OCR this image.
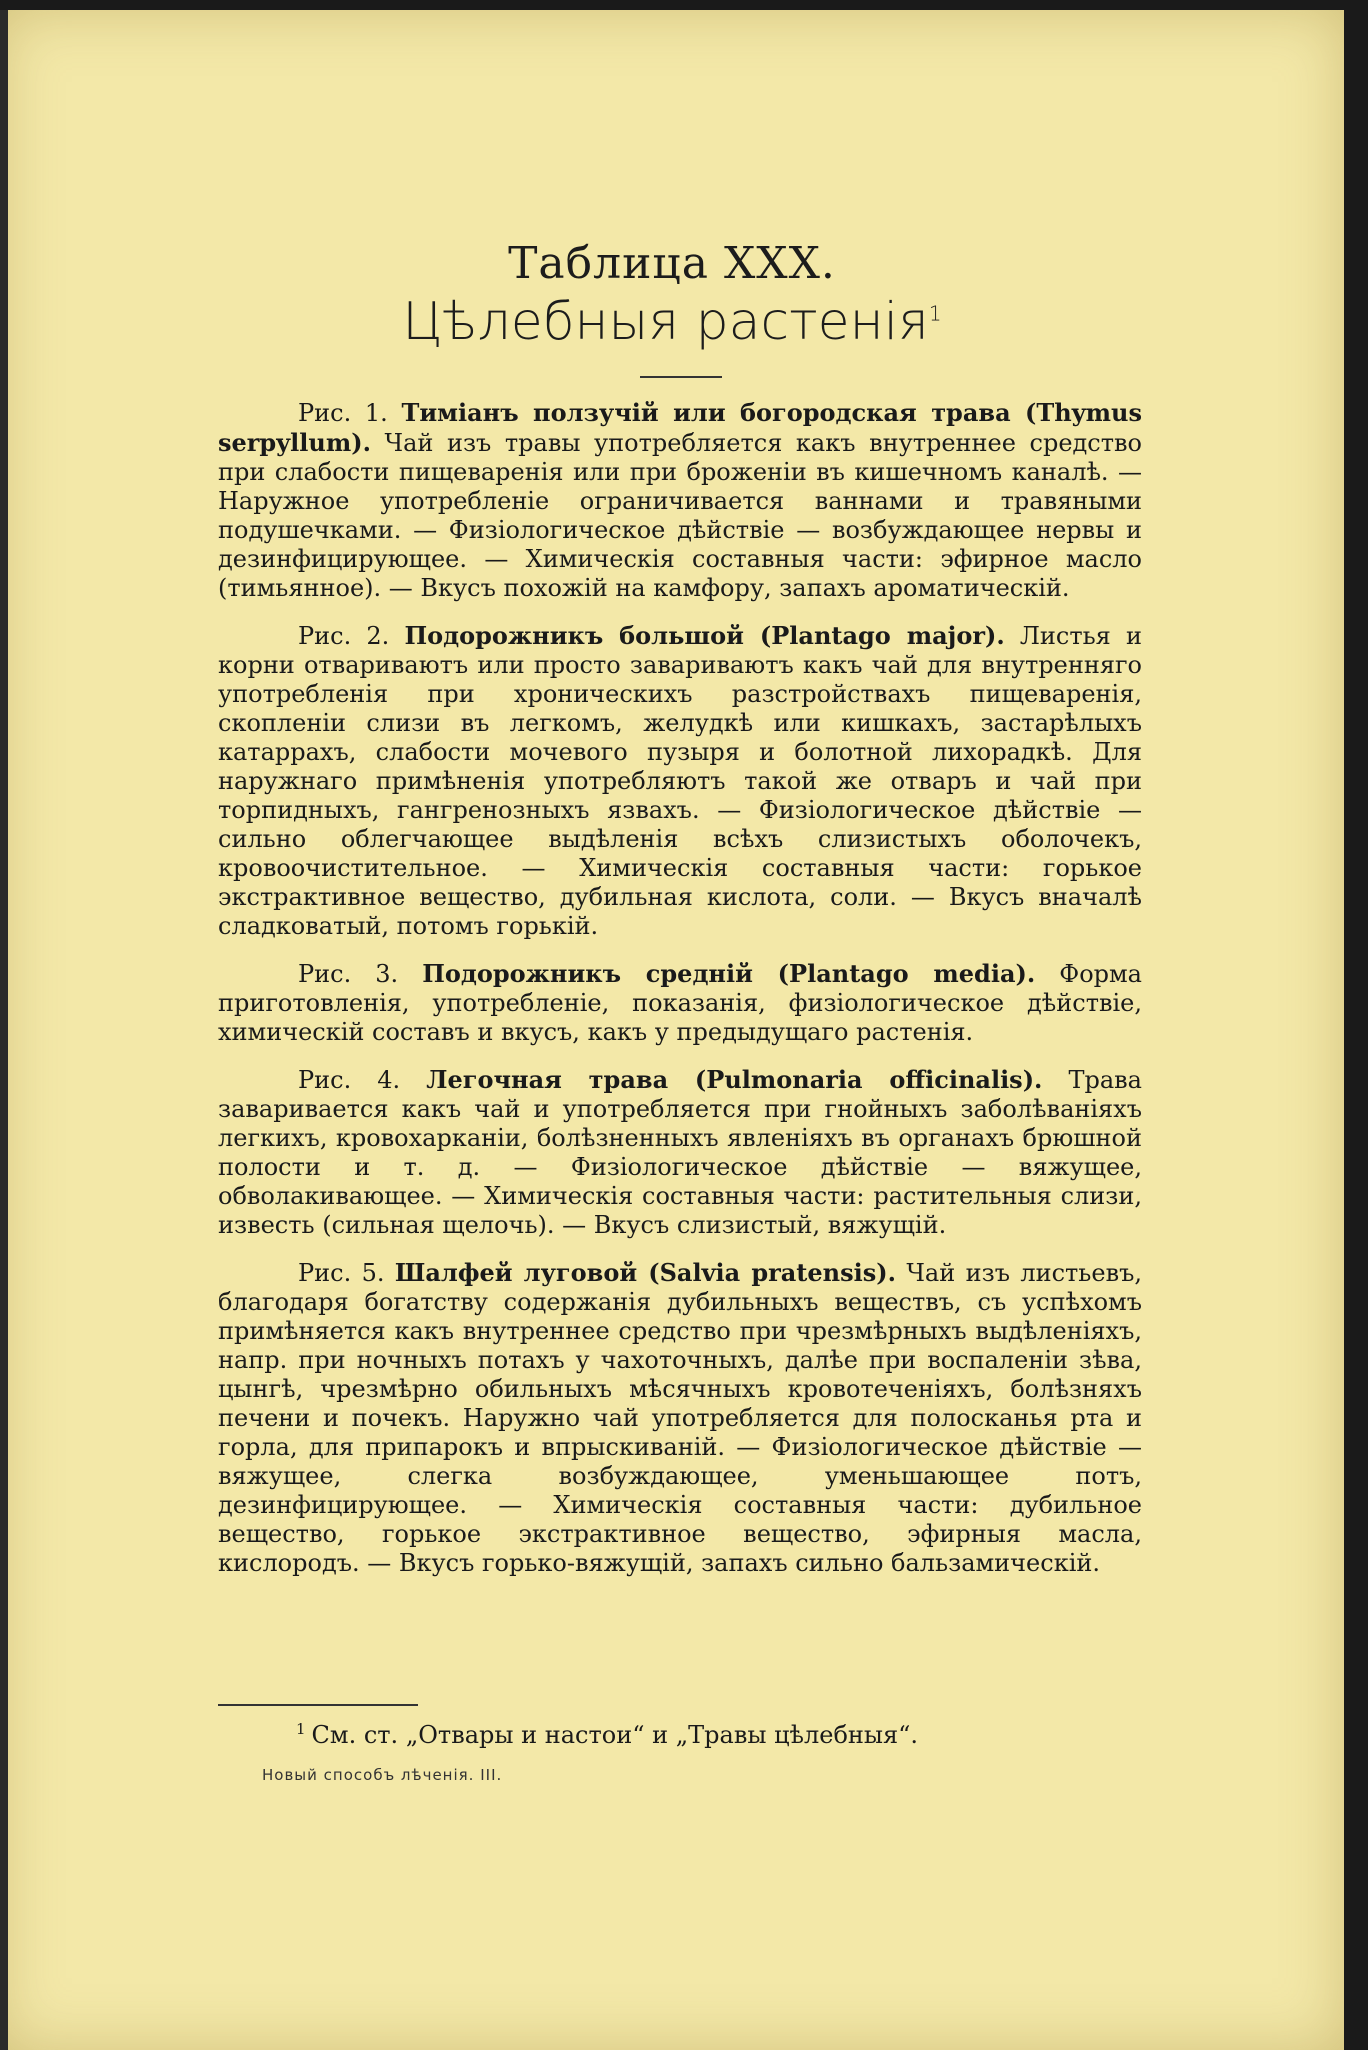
Таблица XXX.
Цѣлебныя растенія$^1$

Рис. 1. Тиміанъ ползучій или богородская трава (Thymus serpyllum). Чай изъ травы употребляется какъ внутреннее средство при слабости пищеваренія или при броженіи въ кишечномъ каналѣ. — Наружное употребленіе ограничивается ваннами и травяными подушечками. — Физіологическое дѣйствіе — возбуждающее нервы и дезинфицирующее. — Химическія составныя части: эфирное масло (тимьянное). — Вкусъ похожій на камфору, запахъ ароматическій.

Рис. 2. Подорожникъ большой (Plantago major). Листья и корни отвариваютъ или просто завариваютъ какъ чай для внутренняго употребленія при хроническихъ разстройствахъ пищеваренія, скопленіи слизи въ легкомъ, желудкѣ или кишкахъ, застарѣлыхъ катаррахъ, слабости мочевого пузыря и болотной лихорадкѣ. Для наружнаго примѣненія употребляютъ такой же отваръ и чай при торпидныхъ, гангренозныхъ язвахъ. — Физіологическое дѣйствіе — сильно облегчающее выдѣленія всѣхъ слизистыхъ оболочекъ, кровоочистительное. — Химическія составныя части: горькое экстрактивное вещество, дубильная кислота, соли. — Вкусъ вначалѣ сладковатый, потомъ горькій.

Рис. 3. Подорожникъ средній (Plantago media). Форма приготовленія, употребленіе, показанія, физіологическое дѣйствіе, химическій составъ и вкусъ, какъ у предыдущаго растенія.

Рис. 4. Легочная трава (Pulmonaria officinalis). Трава заваривается какъ чай и употребляется при гнойныхъ заболѣваніяхъ легкихъ, кровохарканіи, болѣзненныхъ явленіяхъ въ органахъ брюшной полости и т. д. — Физіологическое дѣйствіе — вяжущее, обволакивающее. — Химическія составныя части: растительныя слизи, известь (сильная щелочь). — Вкусъ слизистый, вяжущій.

Рис. 5. Шалфей луговой (Salvia pratensis). Чай изъ листьевъ, благодаря богатству содержанія дубильныхъ веществъ, съ успѣхомъ примѣняется какъ внутреннее средство при чрезмѣрныхъ выдѣленіяхъ, напр. при ночныхъ потахъ у чахоточныхъ, далѣе при воспаленіи зѣва, цынгѣ, чрезмѣрно обильныхъ мѣсячныхъ кровотеченіяхъ, болѣзняхъ печени и почекъ. Наружно чай употребляется для полосканья рта и горла, для припарокъ и впрыскиваній. — Физіологическое дѣйствіе — вяжущее, слегка возбуждающее, уменьшающее потъ, дезинфицирующее. — Химическія составныя части: дубильное вещество, горькое экстрактивное вещество, эфирныя масла, кислородъ. — Вкусъ горько-вяжущій, запахъ сильно бальзамическій.

$^1$ См. ст. „Отвары и настои“ и „Травы цѣлебныя“.
Новый способъ лѣченія. III.
